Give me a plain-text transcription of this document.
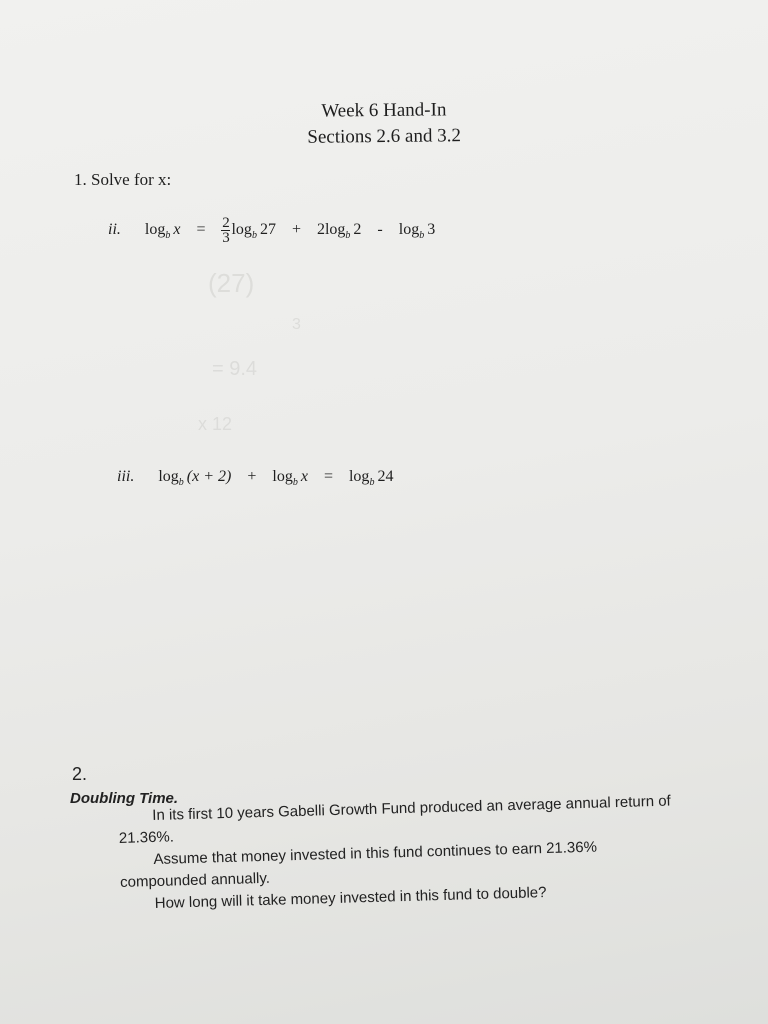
Week 6 Hand-In
Sections 2.6 and 3.2
1. Solve for x:
ii. $\log_b x = \frac{2}{3} \log_b 27 + 2\log_b$ $2 - \log_b 3$
(27)
3
= 9.4
x 12
iii. $\log_b (x + 2) + \log_b x = \log_b 24$
2.
Doubling Time.

In its first 10 years Gabelli Growth Fund produced an average annual return of 21.36%.

Assume that money invested in this fund continues to earn 21.36% compounded annually.

How long will it take money invested in this fund to double?
